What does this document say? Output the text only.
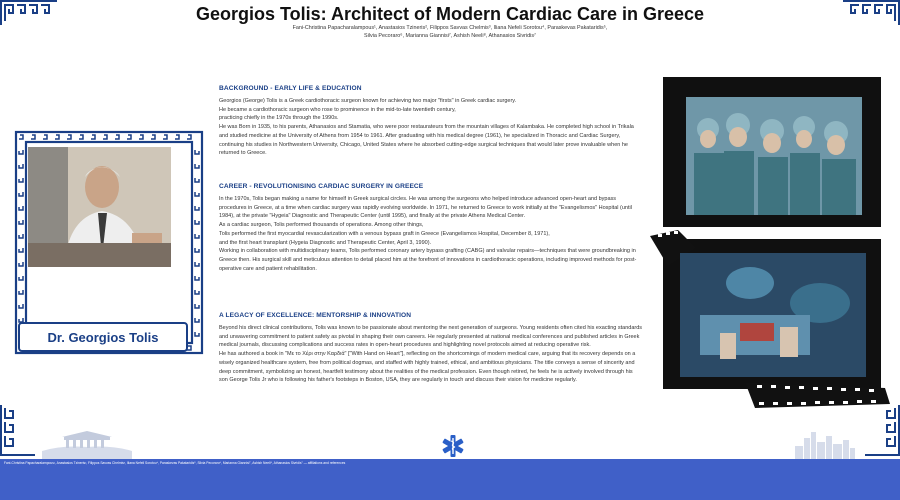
Georgios Tolis: Architect of Modern Cardiac Care in Greece
Fani-Christina Papacharalampous¹, Anastasios Tzineris², Filippos Savvas Chelmis³, Iliana Nefeli Sorotou⁴, Paraskevas Pakataridis⁵,
Silvia Pecoraro⁶, Marianna Giannisi⁷, Ashish Neeli⁸, Athanasios Sivridis⁷
Dr. Georgios Tolis
BACKGROUND - EARLY LIFE & EDUCATION
Georgios (George) Tolis is a Greek cardiothoracic surgeon known for achieving two major "firsts" in Greek cardiac surgery.
He became a cardiothoracic surgeon who rose to prominence in the mid-to-late twentieth century,
practicing chiefly in the 1970s through the 1990s.
He was Born in 1935, to his parents, Athanasios and Stamatia, who were poor restaurateurs from the mountain villages of Kalambaka. He completed high school in Trikala and studied medicine at the University of Athens from 1954 to 1961. After graduating with his medical degree (1961), he specialized in Thoracic and Cardiac Surgery, continuing his studies in Northwestern University, Chicago, United States where he absorbed cutting-edge surgical techniques that would later prove invaluable when he returned to Greece.
CAREER - REVOLUTIONISING CARDIAC SURGERY IN GREECE
In the 1970s, Tolis began making a name for himself in Greek surgical circles. He was among the surgeons who helped introduce advanced open-heart and bypass procedures in Greece, at a time when cardiac surgery was rapidly evolving worldwide. In 1971, he returned to Greece to work initially at the "Evangelismos" Hospital (until 1984), at the private "Hygeia" Diagnostic and Therapeutic Center (until 1995), and finally at the private Athens Medical Center.
As a cardiac surgeon, Tolis performed thousands of operations. Among other things,
Tolis performed the first myocardial revascularization with a venous bypass graft in Greece (Evangelismos Hospital, December 8, 1971),
and the first heart transplant (Hygeia Diagnostic and Therapeutic Center, April 3, 1990).
Working in collaboration with multidisciplinary teams, Tolis performed coronary artery bypass grafting (CABG) and valvular repairs—techniques that were groundbreaking in Greece then. His surgical skill and meticulous attention to detail placed him at the forefront of innovations in cardiothoracic operations, including improved methods for post-operative care and patient rehabilitation.
A LEGACY OF EXCELLENCE: MENTORSHIP & INNOVATION
Beyond his direct clinical contributions, Tolis was known to be passionate about mentoring the next generation of surgeons. Young residents often cited his exacting standards and unwavering commitment to patient safety as pivotal in shaping their own careers. He regularly presented at national medical conferences and published articles in Greek medical journals, discussing complications and success rates in open-heart procedures and highlighting novel protocols aimed at reducing operative risk.
He has authored a book in "Με το Χέρι στην Καρδιά" ["With Hand on Heart"], reflecting on the shortcomings of modern medical care, arguing that its recovery depends on a wisely organized healthcare system, free from political dogmas, and staffed with highly trained, ethical, and ambitious physicians. The title conveys a sense of sincerity and deep commitment, symbolizing an honest, heartfelt testimony about the realities of the medical profession. Even though retired, he feels he is actively involved through his son George Tolis Jr who is following his father's footsteps in Boston, USA, they are regularly in touch and discuss their vision for medicine regularly.
Fani-Christina Papacharalampous¹, Anastasios Tzineris², Filippos Savvas Chelmis³, Iliana Nefeli Sorotou⁴, Paraskevas Pakataridis⁵, Silvia Pecoraro⁶, Marianna Giannisi⁷, Ashish Neeli⁸, Athanasios Sivridis⁷ — affiliations and references
